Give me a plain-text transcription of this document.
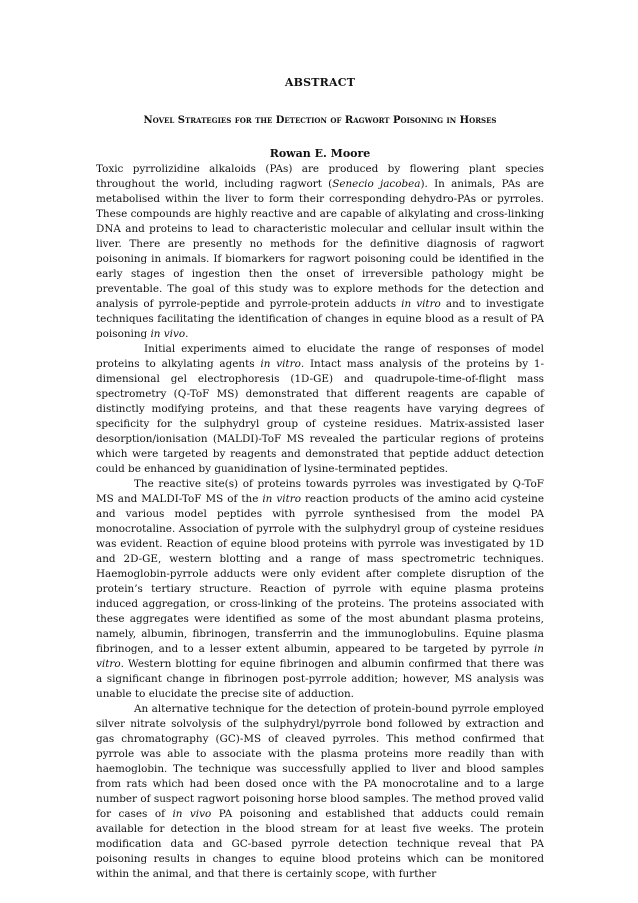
ABSTRACT

Novel Strategies for the Detection of Ragwort Poisoning in Horses

Rowan E. Moore

Toxic pyrrolizidine alkaloids (PAs) are produced by flowering plant species throughout the world, including ragwort (Senecio jacobea). In animals, PAs are metabolised within the liver to form their corresponding dehydro-PAs or pyrroles. These compounds are highly reactive and are capable of alkylating and cross-linking DNA and proteins to lead to characteristic molecular and cellular insult within the liver. There are presently no methods for the definitive diagnosis of ragwort poisoning in animals. If biomarkers for ragwort poisoning could be identified in the early stages of ingestion then the onset of irreversible pathology might be preventable. The goal of this study was to explore methods for the detection and analysis of pyrrole-peptide and pyrrole-protein adducts in vitro and to investigate techniques facilitating the identification of changes in equine blood as a result of PA poisoning in vivo.

Initial experiments aimed to elucidate the range of responses of model proteins to alkylating agents in vitro. Intact mass analysis of the proteins by 1-dimensional gel electrophoresis (1D-GE) and quadrupole-time-of-flight mass spectrometry (Q-ToF MS) demonstrated that different reagents are capable of distinctly modifying proteins, and that these reagents have varying degrees of specificity for the sulphydryl group of cysteine residues. Matrix-assisted laser desorption/ionisation (MALDI)-ToF MS revealed the particular regions of proteins which were targeted by reagents and demonstrated that peptide adduct detection could be enhanced by guanidination of lysine-terminated peptides.

The reactive site(s) of proteins towards pyrroles was investigated by Q-ToF MS and MALDI-ToF MS of the in vitro reaction products of the amino acid cysteine and various model peptides with pyrrole synthesised from the model PA monocrotaline. Association of pyrrole with the sulphydryl group of cysteine residues was evident. Reaction of equine blood proteins with pyrrole was investigated by 1D and 2D-GE, western blotting and a range of mass spectrometric techniques. Haemoglobin-pyrrole adducts were only evident after complete disruption of the protein’s tertiary structure. Reaction of pyrrole with equine plasma proteins induced aggregation, or cross-linking of the proteins. The proteins associated with these aggregates were identified as some of the most abundant plasma proteins, namely, albumin, fibrinogen, transferrin and the immunoglobulins. Equine plasma fibrinogen, and to a lesser extent albumin, appeared to be targeted by pyrrole in vitro. Western blotting for equine fibrinogen and albumin confirmed that there was a significant change in fibrinogen post-pyrrole addition; however, MS analysis was unable to elucidate the precise site of adduction.

An alternative technique for the detection of protein-bound pyrrole employed silver nitrate solvolysis of the sulphydryl/pyrrole bond followed by extraction and gas chromatography (GC)-MS of cleaved pyrroles. This method confirmed that pyrrole was able to associate with the plasma proteins more readily than with haemoglobin. The technique was successfully applied to liver and blood samples from rats which had been dosed once with the PA monocrotaline and to a large number of suspect ragwort poisoning horse blood samples. The method proved valid for cases of in vivo PA poisoning and established that adducts could remain available for detection in the blood stream for at least five weeks. The protein modification data and GC-based pyrrole detection technique reveal that PA poisoning results in changes to equine blood proteins which can be monitored within the animal, and that there is certainly scope, with further
